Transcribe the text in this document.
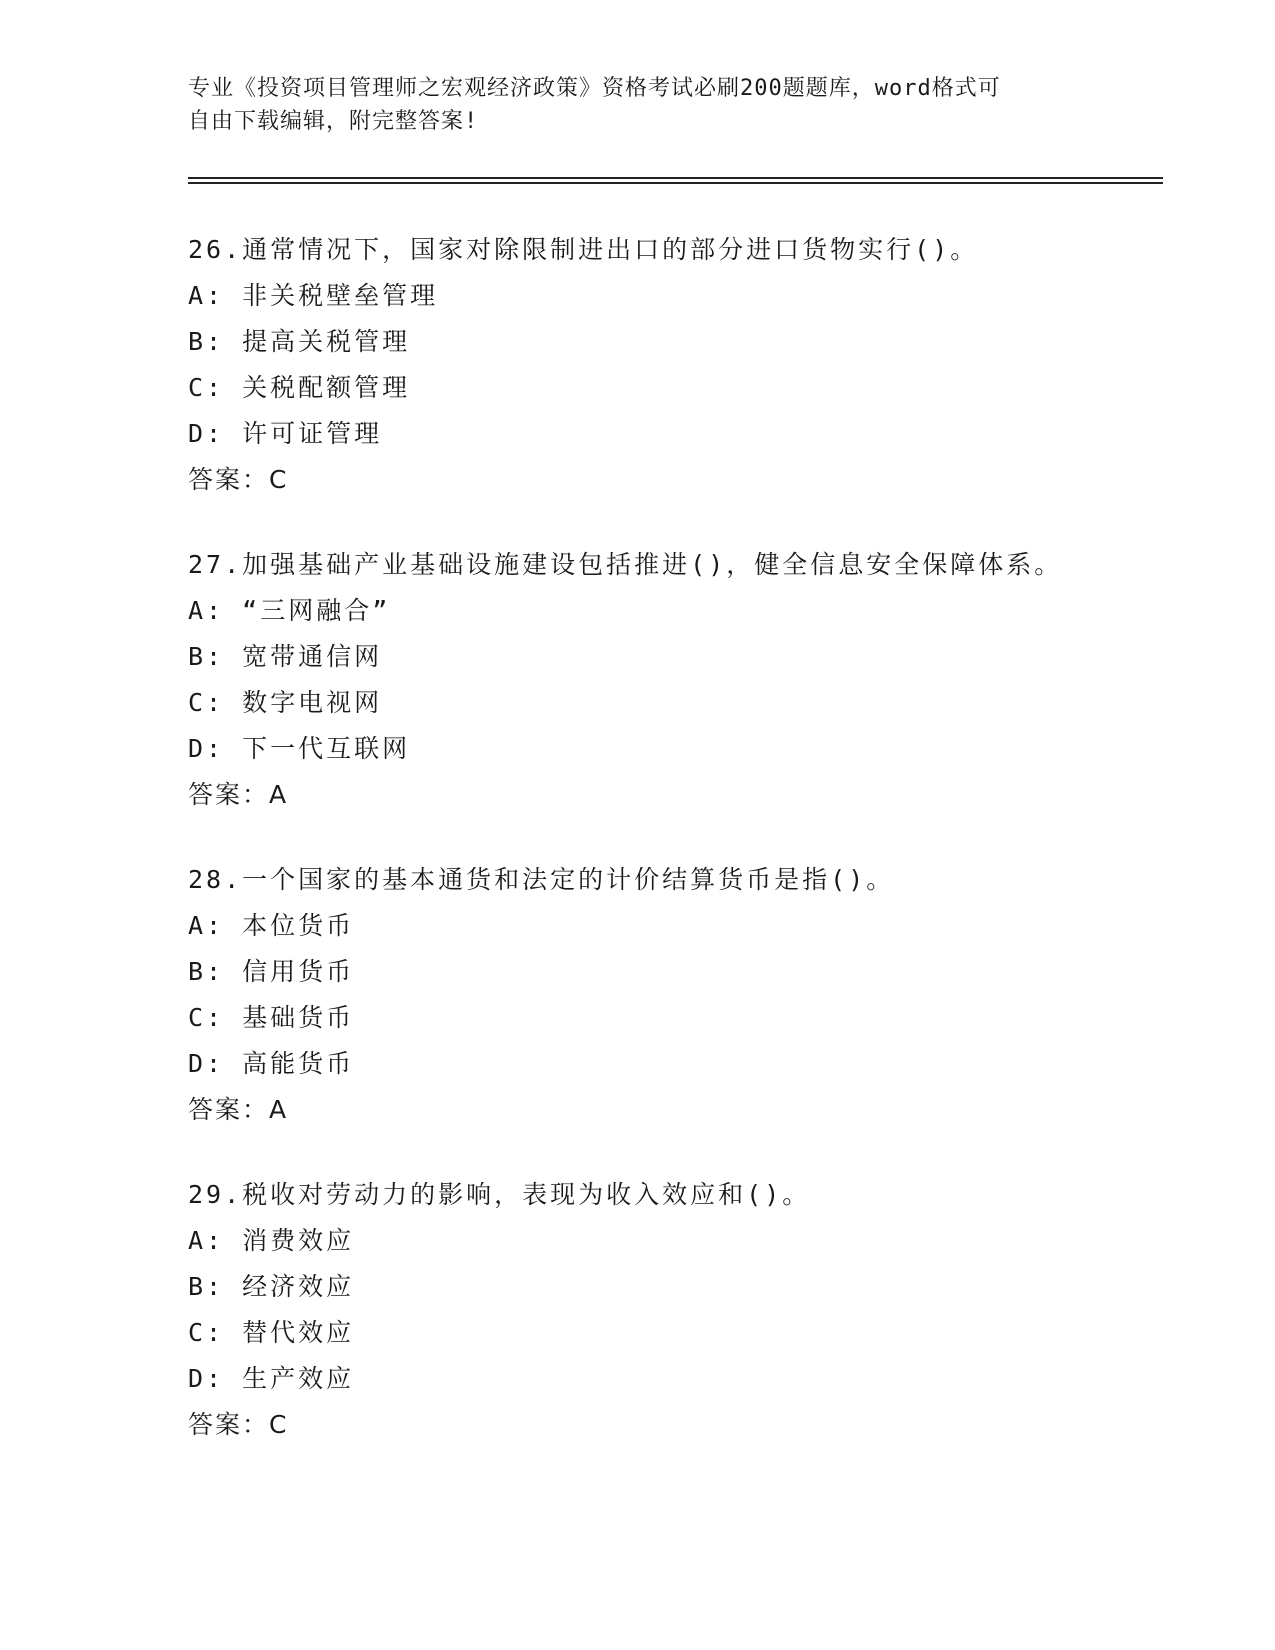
专业《投资项目管理师之宏观经济政策》资格考试必刷200题题库，word格式可
自由下载编辑，附完整答案!
26.通常情况下，国家对除限制进出口的部分进口货物实行()。
A: 非关税壁垒管理
B: 提高关税管理
C: 关税配额管理
D: 许可证管理
答案：C
27.加强基础产业基础设施建设包括推进()，健全信息安全保障体系。
A: “三网融合”
B: 宽带通信网
C: 数字电视网
D: 下一代互联网
答案：A
28.一个国家的基本通货和法定的计价结算货币是指()。
A: 本位货币
B: 信用货币
C: 基础货币
D: 高能货币
答案：A
29.税收对劳动力的影响，表现为收入效应和()。
A: 消费效应
B: 经济效应
C: 替代效应
D: 生产效应
答案：C
